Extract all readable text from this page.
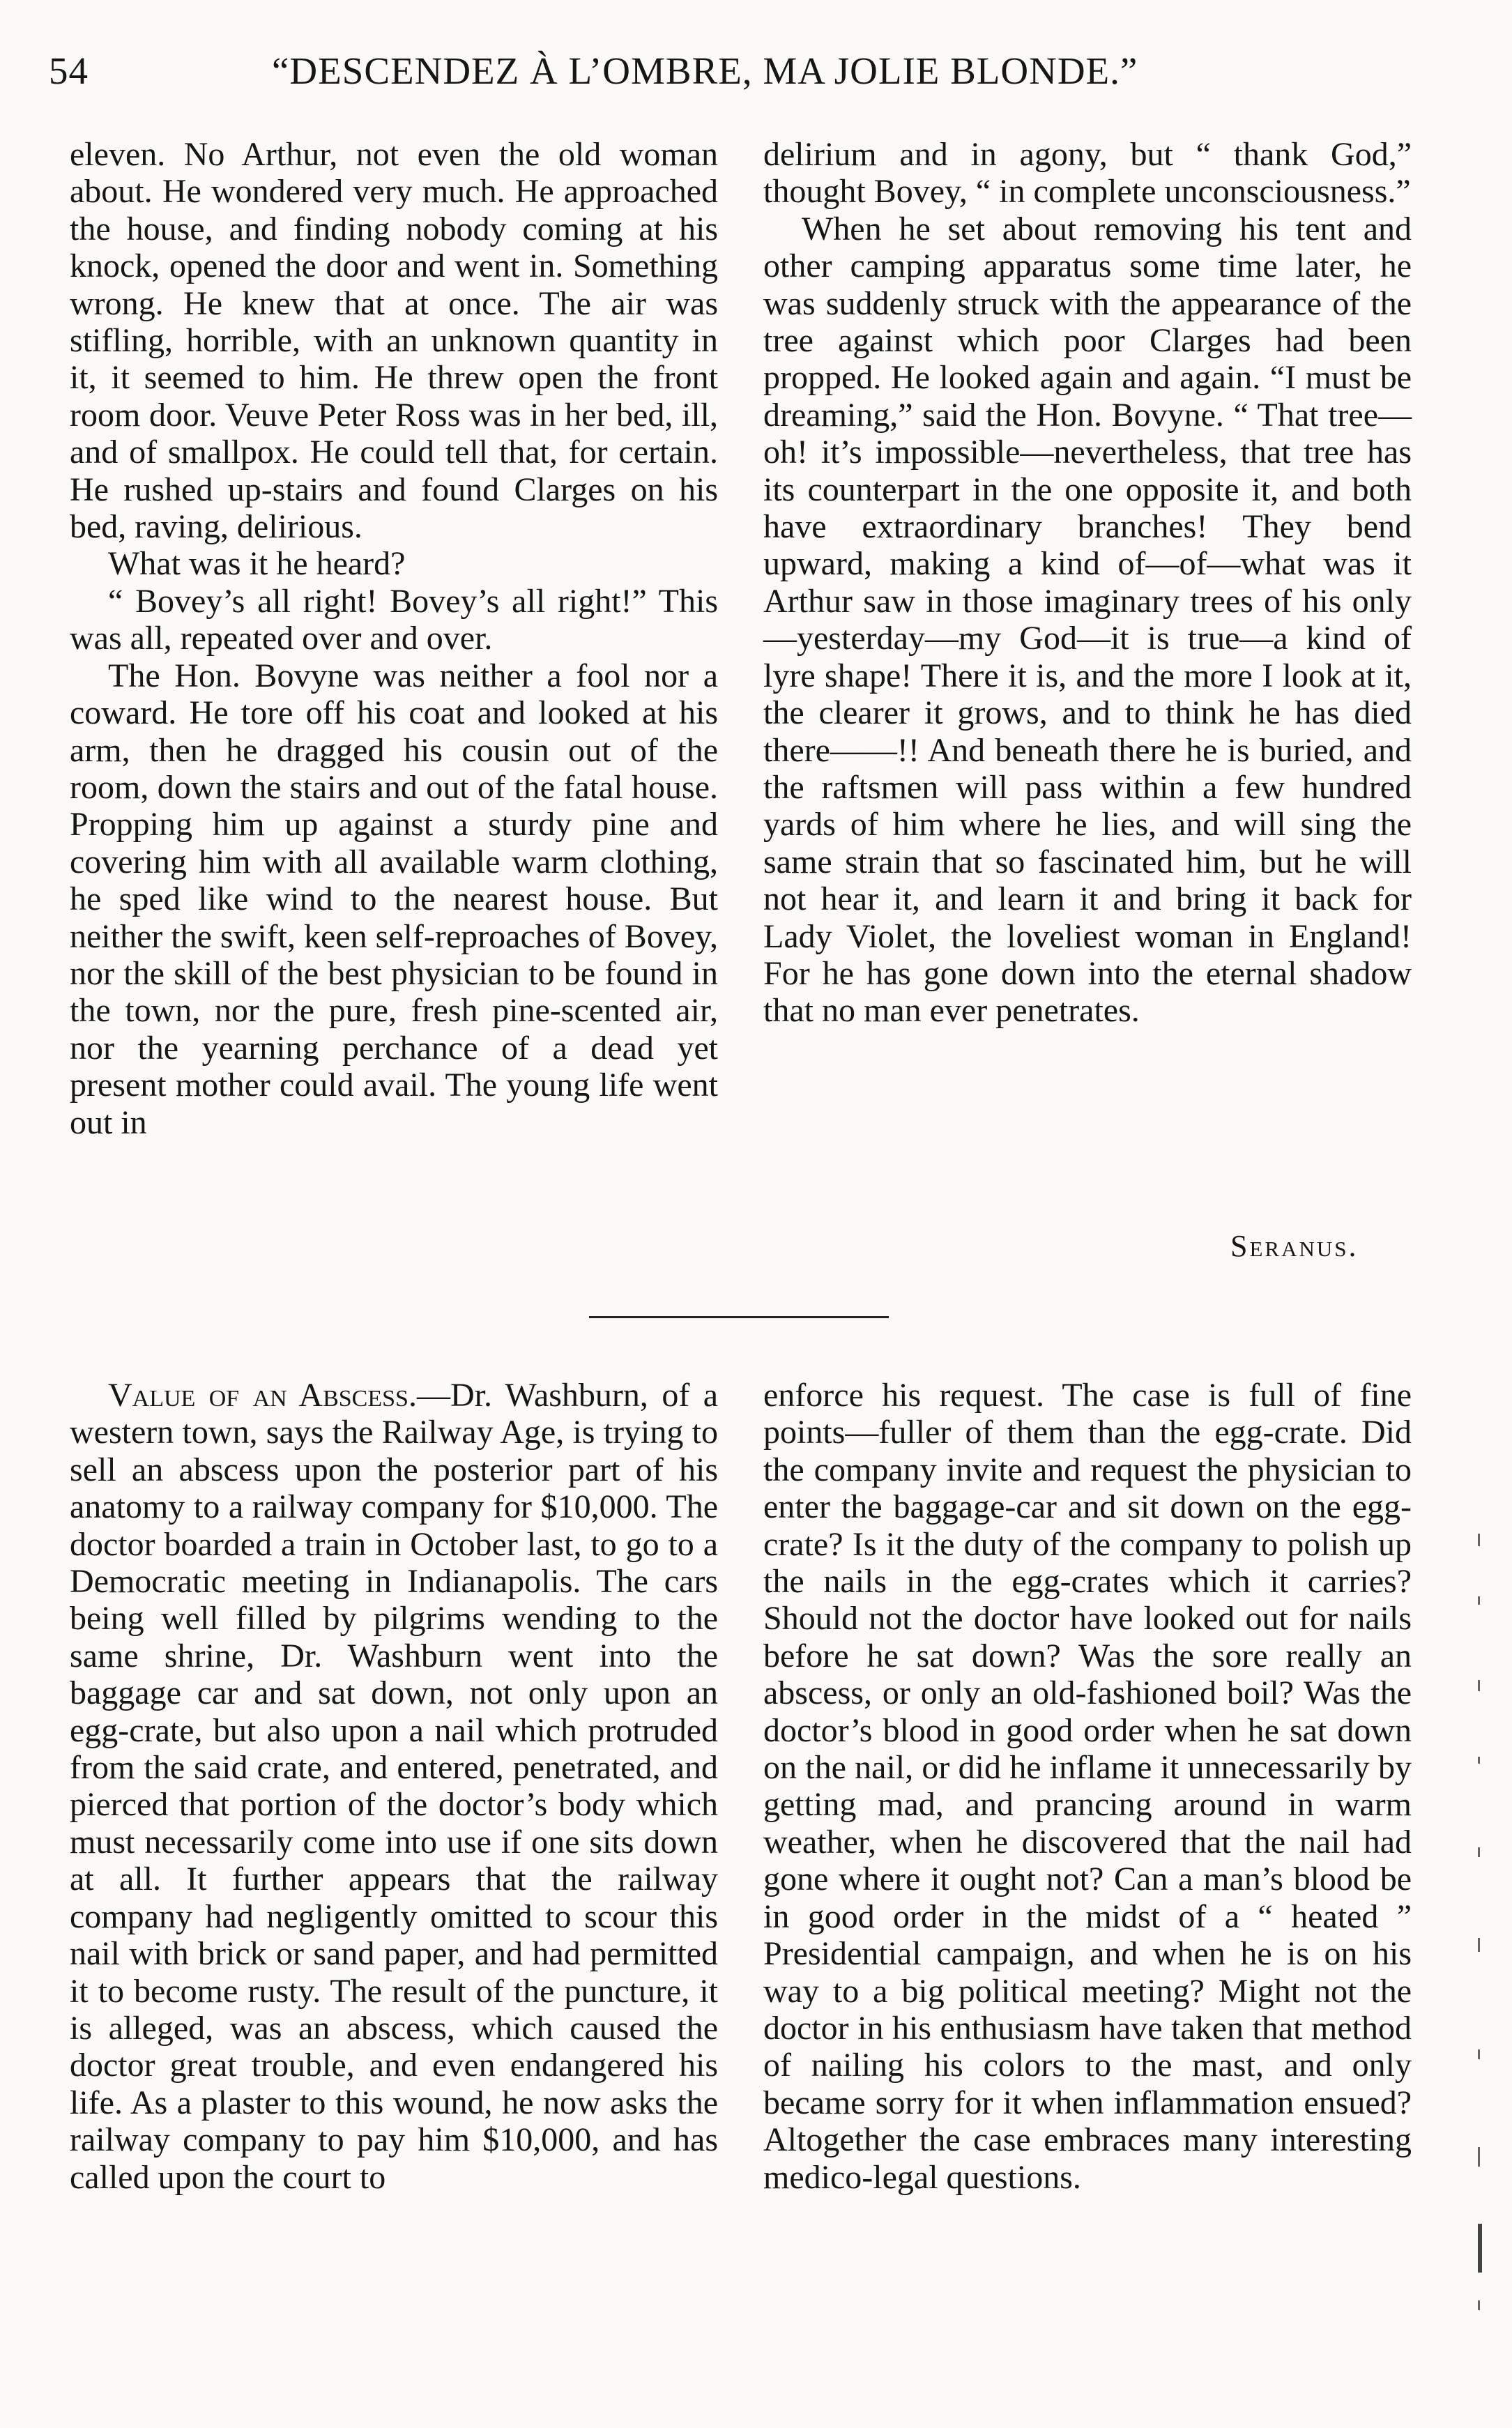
54	“DESCENDEZ À L’OMBRE, MA JOLIE BLONDE.”

eleven. No Arthur, not even the old woman about. He wondered very much. He approached the house, and finding nobody coming at his knock, opened the door and went in. Something wrong. He knew that at once. The air was stifling, horrible, with an unknown quantity in it, it seemed to him. He threw open the front room door. Veuve Peter Ross was in her bed, ill, and of smallpox. He could tell that, for certain. He rushed up-stairs and found Clarges on his bed, raving, delirious.

What was it he heard?

“ Bovey’s all right! Bovey’s all right!” This was all, repeated over and over.

The Hon. Bovyne was neither a fool nor a coward. He tore off his coat and looked at his arm, then he dragged his cousin out of the room, down the stairs and out of the fatal house. Propping him up against a sturdy pine and covering him with all available warm clothing, he sped like wind to the nearest house. But neither the swift, keen self-reproaches of Bovey, nor the skill of the best physician to be found in the town, nor the pure, fresh pine-scented air, nor the yearning perchance of a dead yet present mother could avail. The young life went out in

delirium and in agony, but “ thank God,” thought Bovey, “ in complete unconsciousness.”

When he set about removing his tent and other camping apparatus some time later, he was suddenly struck with the appearance of the tree against which poor Clarges had been propped. He looked again and again. “I must be dreaming,” said the Hon. Bovyne. “ That tree—oh! it’s impossible—nevertheless, that tree has its counterpart in the one opposite it, and both have extraordinary branches! They bend upward, making a kind of—of—what was it Arthur saw in those imaginary trees of his only—yesterday—my God—it is true—a kind of lyre shape! There it is, and the more I look at it, the clearer it grows, and to think he has died there——!! And beneath there he is buried, and the raftsmen will pass within a few hundred yards of him where he lies, and will sing the same strain that so fascinated him, but he will not hear it, and learn it and bring it back for Lady Violet, the loveliest woman in England! For he has gone down into the eternal shadow that no man ever penetrates.

Seranus.

Value of an Abscess.—Dr. Washburn, of a western town, says the Railway Age, is trying to sell an abscess upon the posterior part of his anatomy to a railway company for $10,000. The doctor boarded a train in October last, to go to a Democratic meeting in Indianapolis. The cars being well filled by pilgrims wending to the same shrine, Dr. Washburn went into the baggage car and sat down, not only upon an egg-crate, but also upon a nail which protruded from the said crate, and entered, penetrated, and pierced that portion of the doctor’s body which must necessarily come into use if one sits down at all. It further appears that the railway company had negligently omitted to scour this nail with brick or sand paper, and had permitted it to become rusty. The result of the puncture, it is alleged, was an abscess, which caused the doctor great trouble, and even endangered his life. As a plaster to this wound, he now asks the railway company to pay him $10,000, and has called upon the court to

enforce his request. The case is full of fine points—fuller of them than the egg-crate. Did the company invite and request the physician to enter the baggage-car and sit down on the egg-crate? Is it the duty of the company to polish up the nails in the egg-crates which it carries? Should not the doctor have looked out for nails before he sat down? Was the sore really an abscess, or only an old-fashioned boil? Was the doctor’s blood in good order when he sat down on the nail, or did he inflame it unnecessarily by getting mad, and prancing around in warm weather, when he discovered that the nail had gone where it ought not? Can a man’s blood be in good order in the midst of a “ heated ” Presidential campaign, and when he is on his way to a big political meeting? Might not the doctor in his enthusiasm have taken that method of nailing his colors to the mast, and only became sorry for it when inflammation ensued? Altogether the case embraces many interesting medico-legal questions.
